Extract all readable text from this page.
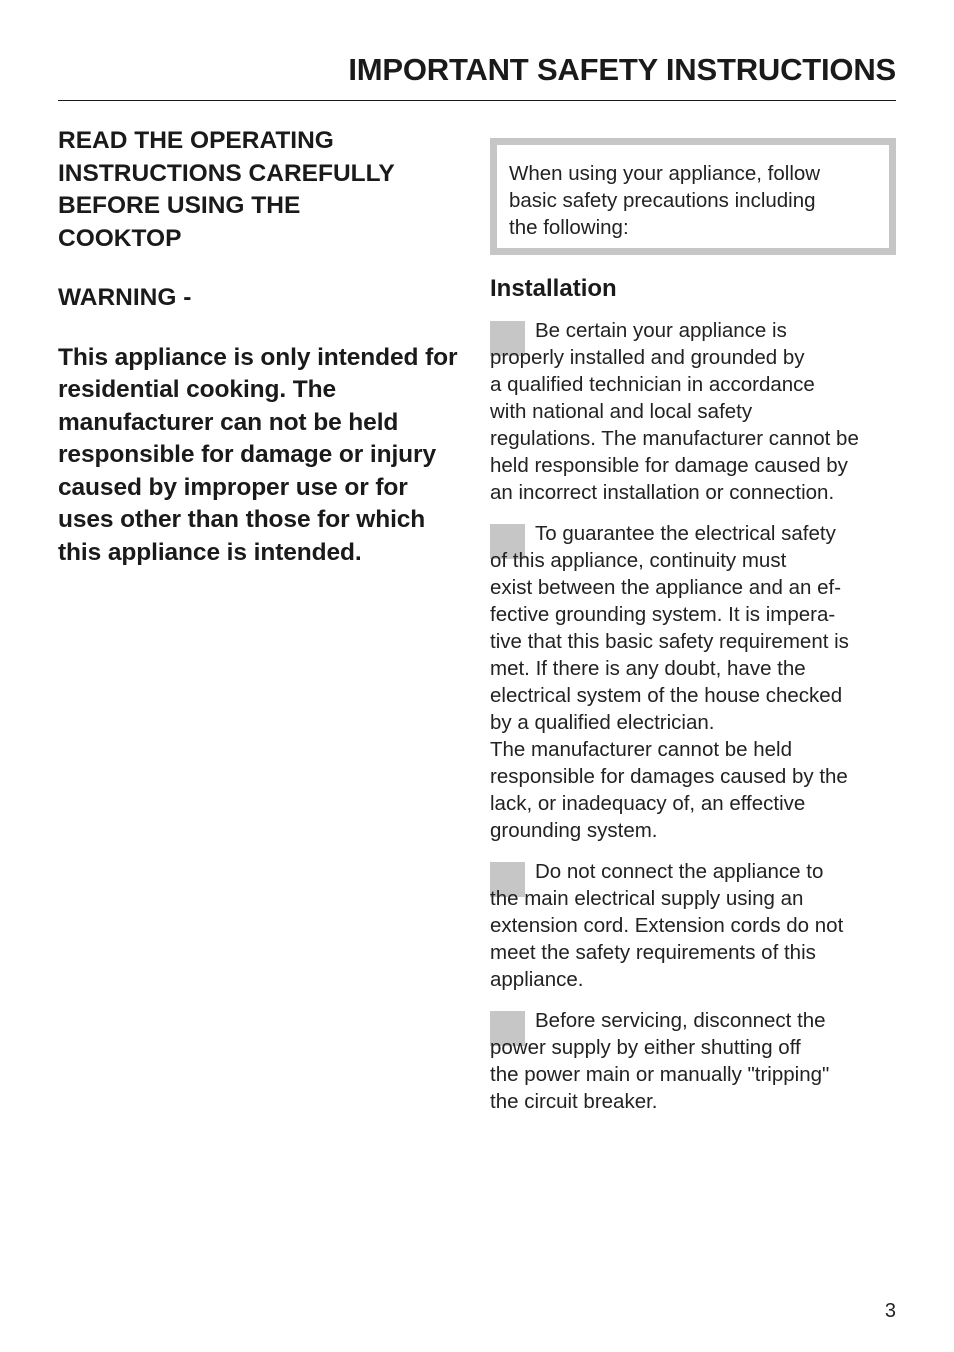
IMPORTANT SAFETY INSTRUCTIONS

READ THE OPERATING
INSTRUCTIONS CAREFULLY
BEFORE USING THE
COOKTOP

WARNING -

This appliance is only intended for residential cooking. The manufacturer can not be held responsible for damage or injury caused by improper use or for uses other than those for which this appliance is intended.

When using your appliance, follow
basic safety precautions including
the following:
Installation
Be certain your appliance is
properly installed and grounded by
a qualified technician in accordance
with national and local safety
regulations. The manufacturer cannot be
held responsible for damage caused by
an incorrect installation or connection.
To guarantee the electrical safety
of this appliance, continuity must
exist between the appliance and an ef-
fective grounding system. It is impera-
tive that this basic safety requirement is
met. If there is any doubt, have the
electrical system of the house checked
by a qualified electrician.
The manufacturer cannot be held
responsible for damages caused by the
lack, or inadequacy of, an effective
grounding system.
Do not connect the appliance to
the main electrical supply using an
extension cord. Extension cords do not
meet the safety requirements of this
appliance.
Before servicing, disconnect the
power supply by either shutting off
the power main or manually "tripping"
the circuit breaker.
3
